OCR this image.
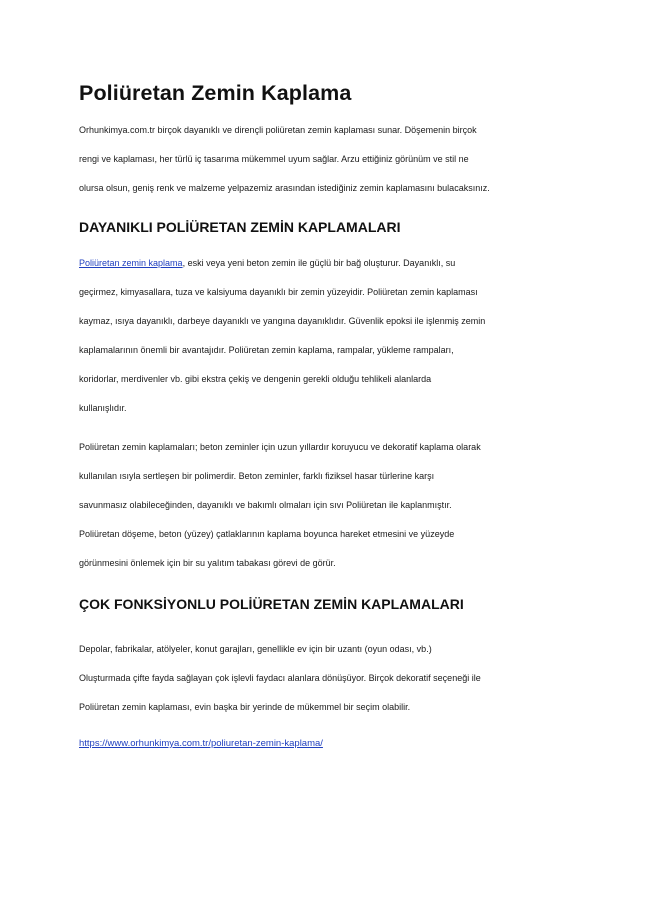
Poliüretan Zemin Kaplama

Orhunkimya.com.tr birçok dayanıklı ve dirençli poliüretan zemin kaplaması sunar. Döşemenin birçok
rengi ve kaplaması, her türlü iç tasarıma mükemmel uyum sağlar. Arzu ettiğiniz görünüm ve stil ne
olursa olsun, geniş renk ve malzeme yelpazemiz arasından istediğiniz zemin kaplamasını bulacaksınız.

DAYANIKLI POLİÜRETAN ZEMİN KAPLAMALARI

Poliüretan zemin kaplama, eski veya yeni beton zemin ile güçlü bir bağ oluşturur. Dayanıklı, su
geçirmez, kimyasallara, tuza ve kalsiyuma dayanıklı bir zemin yüzeyidir. Poliüretan zemin kaplaması
kaymaz, ısıya dayanıklı, darbeye dayanıklı ve yangına dayanıklıdır. Güvenlik epoksi ile işlenmiş zemin
kaplamalarının önemli bir avantajıdır. Poliüretan zemin kaplama, rampalar, yükleme rampaları,
koridorlar, merdivenler vb. gibi ekstra çekiş ve dengenin gerekli olduğu tehlikeli alanlarda
kullanışlıdır.

Poliüretan zemin kaplamaları; beton zeminler için uzun yıllardır koruyucu ve dekoratif kaplama olarak
kullanılan ısıyla sertleşen bir polimerdir. Beton zeminler, farklı fiziksel hasar türlerine karşı
savunmasız olabileceğinden, dayanıklı ve bakımlı olmaları için sıvı Poliüretan ile kaplanmıştır.
Poliüretan döşeme, beton (yüzey) çatlaklarının kaplama boyunca hareket etmesini ve yüzeyde
görünmesini önlemek için bir su yalıtım tabakası görevi de görür.

ÇOK FONKSİYONLU POLİÜRETAN ZEMİN KAPLAMALARI

Depolar, fabrikalar, atölyeler, konut garajları, genellikle ev için bir uzantı (oyun odası, vb.)
Oluşturmada çifte fayda sağlayan çok işlevli faydacı alanlara dönüşüyor. Birçok dekoratif seçeneği ile
Poliüretan zemin kaplaması, evin başka bir yerinde de mükemmel bir seçim olabilir.

https://www.orhunkimya.com.tr/poliuretan-zemin-kaplama/
